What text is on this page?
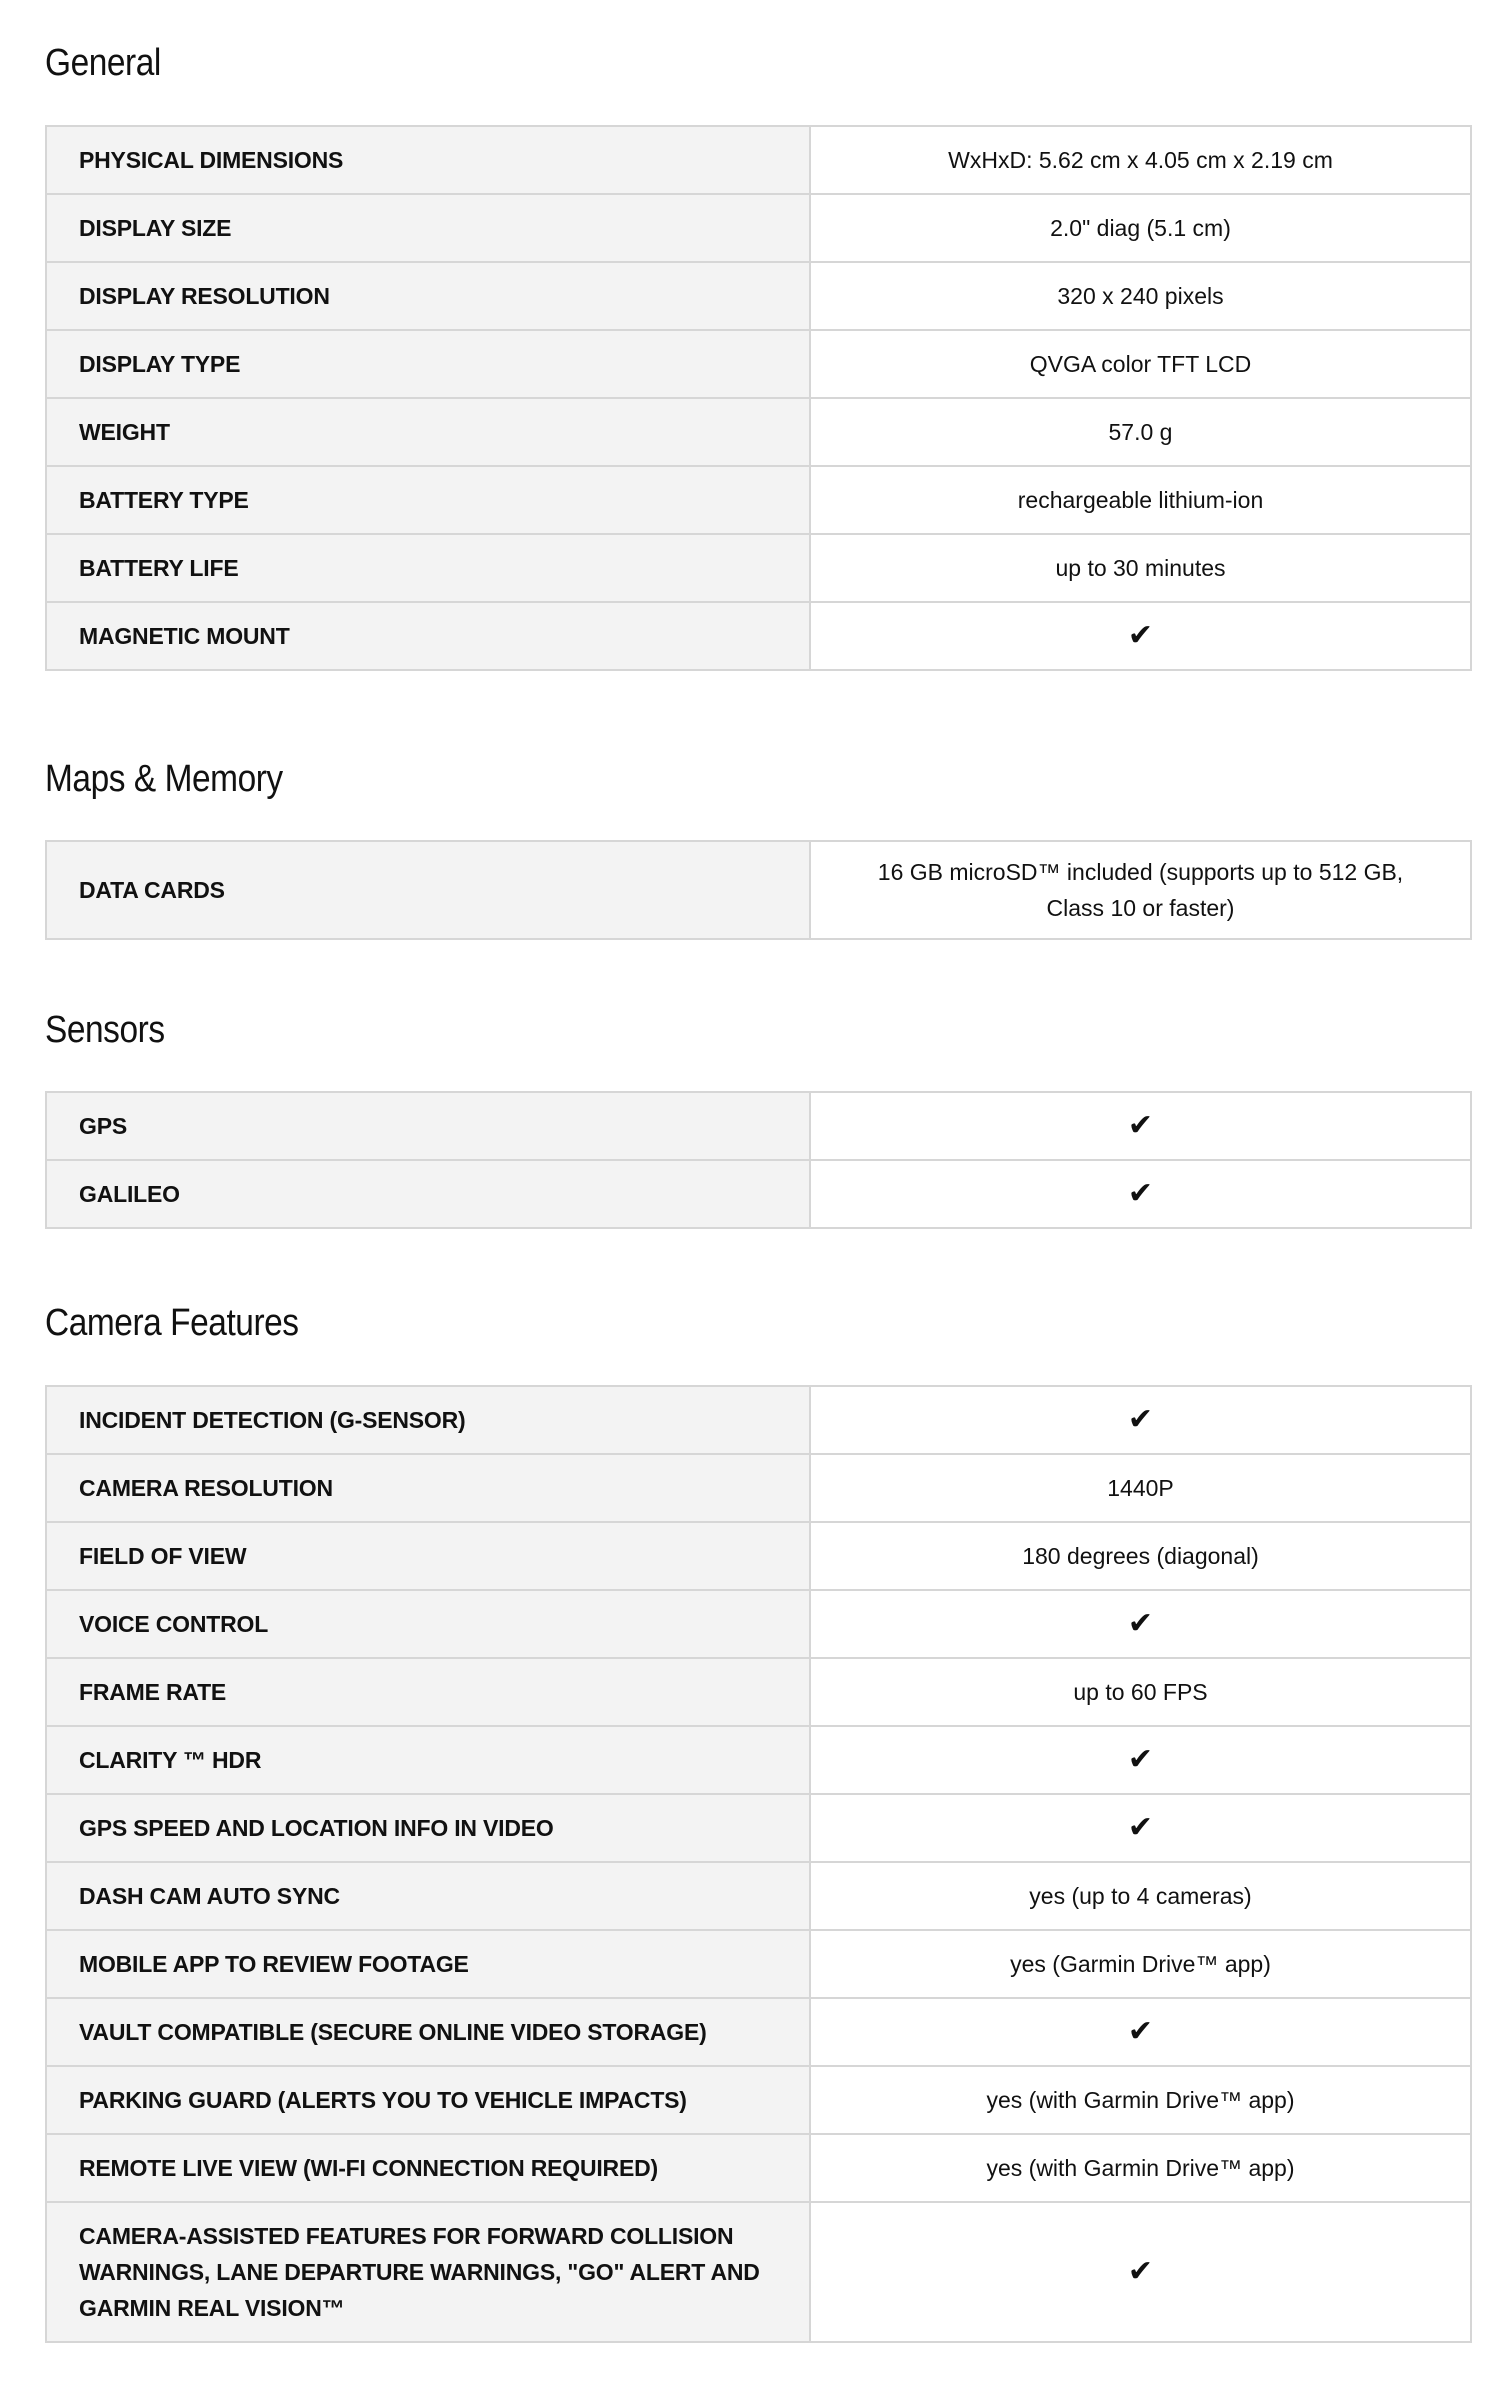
General
PHYSICAL DIMENSIONS	WxHxD: 5.62 cm x 4.05 cm x 2.19 cm
DISPLAY SIZE	2.0" diag (5.1 cm)
DISPLAY RESOLUTION	320 x 240 pixels
DISPLAY TYPE	QVGA color TFT LCD
WEIGHT	57.0 g
BATTERY TYPE	rechargeable lithium-ion
BATTERY LIFE	up to 30 minutes
MAGNETIC MOUNT	✔
Maps & Memory
DATA CARDS	16 GB microSD™ included (supports up to 512 GB, Class 10 or faster)
Sensors
GPS	✔
GALILEO	✔
Camera Features
INCIDENT DETECTION (G-SENSOR)	✔
CAMERA RESOLUTION	1440P
FIELD OF VIEW	180 degrees (diagonal)
VOICE CONTROL	✔
FRAME RATE	up to 60 FPS
CLARITY ™ HDR	✔
GPS SPEED AND LOCATION INFO IN VIDEO	✔
DASH CAM AUTO SYNC	yes (up to 4 cameras)
MOBILE APP TO REVIEW FOOTAGE	yes (Garmin Drive™ app)
VAULT COMPATIBLE (SECURE ONLINE VIDEO STORAGE)	✔
PARKING GUARD (ALERTS YOU TO VEHICLE IMPACTS)	yes (with Garmin Drive™ app)
REMOTE LIVE VIEW (WI-FI CONNECTION REQUIRED)	yes (with Garmin Drive™ app)
CAMERA-ASSISTED FEATURES FOR FORWARD COLLISION WARNINGS, LANE DEPARTURE WARNINGS, "GO" ALERT AND GARMIN REAL VISION™	✔
